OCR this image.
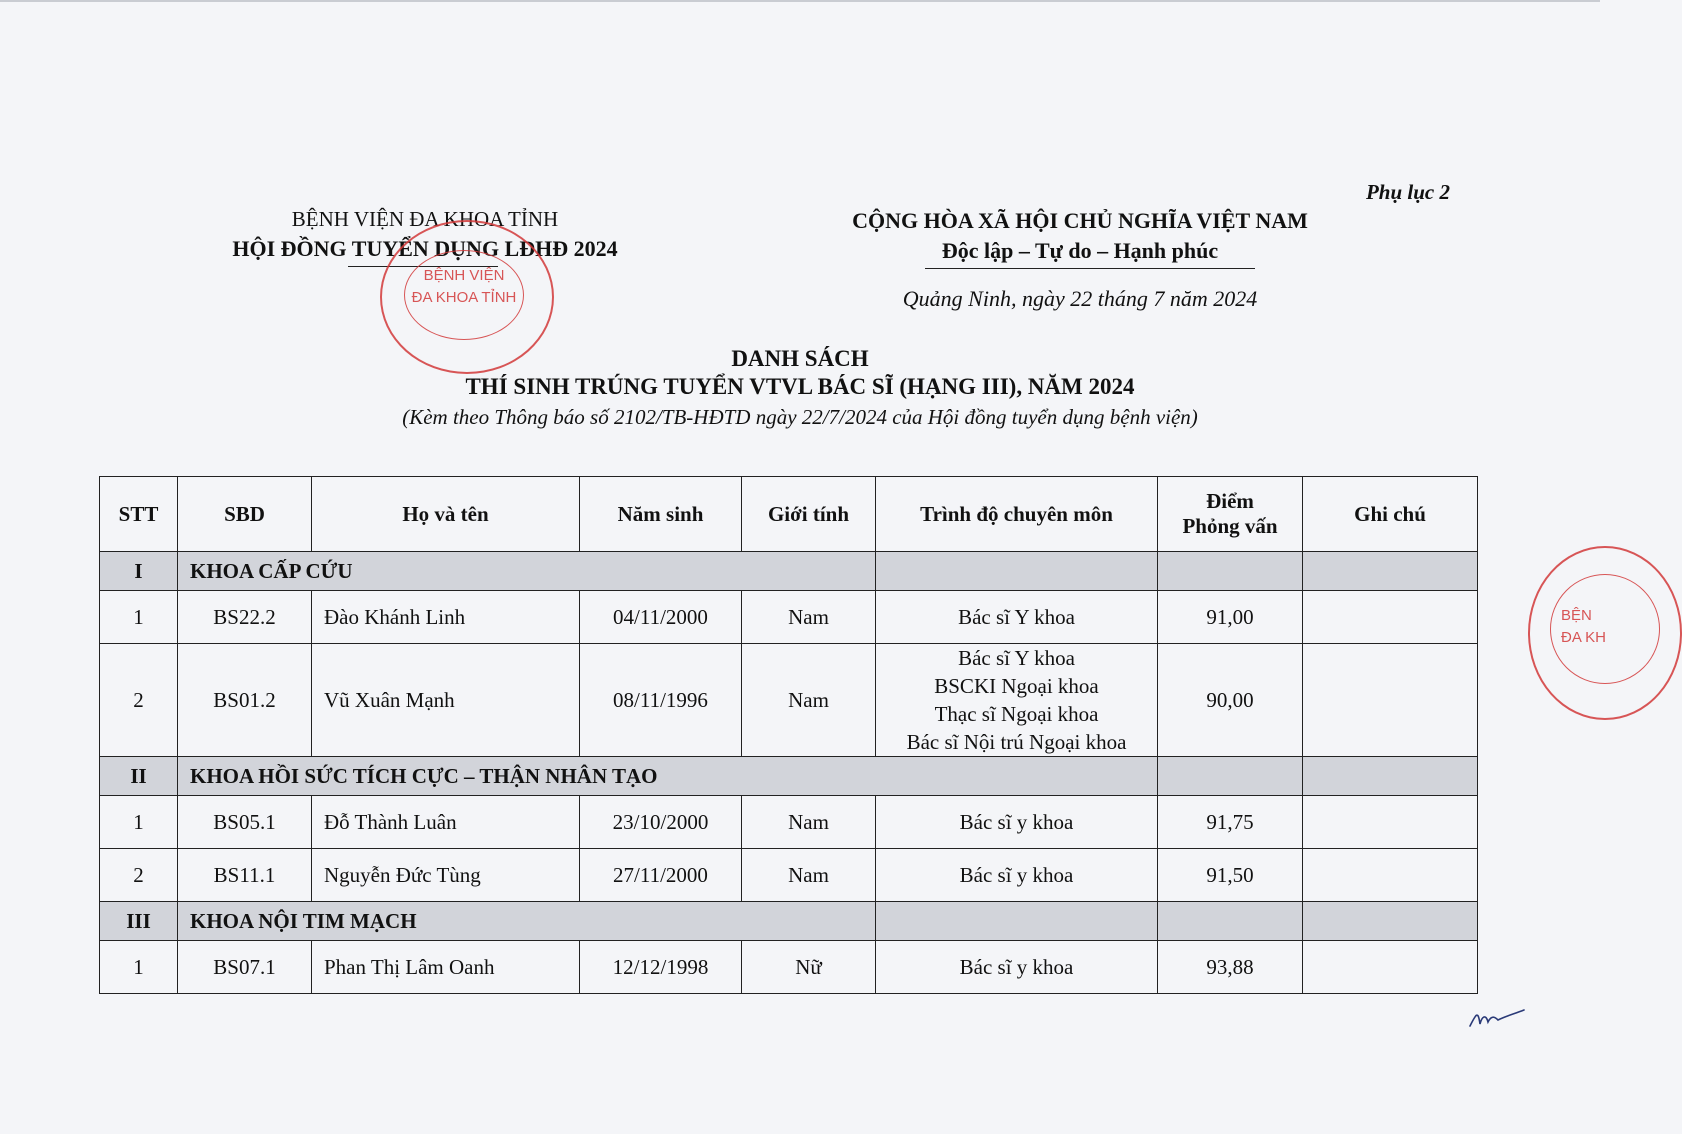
Phụ lục 2
BỆNH VIỆN ĐA KHOA TỈNH
HỘI ĐỒNG TUYỂN DỤNG LĐHĐ 2024
CỘNG HÒA XÃ HỘI CHỦ NGHĨA VIỆT NAM
Độc lập – Tự do – Hạnh phúc
Quảng Ninh, ngày 22 tháng 7 năm 2024
DANH SÁCH
THÍ SINH TRÚNG TUYỂN VTVL BÁC SĨ (HẠNG III), NĂM 2024
(Kèm theo Thông báo số 2102/TB-HĐTD ngày 22/7/2024 của Hội đồng tuyển dụng bệnh viện)
BỆNH VIỆN
ĐA KHOA TỈNH
STT	SBD	Họ và tên	Năm sinh	Giới tính	Trình độ chuyên môn	Điểm
Phỏng vấn	Ghi chú
I	KHOA CẤP CỨU						
1	BS22.2	Đào Khánh Linh	04/11/2000	Nam	Bác sĩ Y khoa	91,00	
2	BS01.2	Vũ Xuân Mạnh	08/11/1996	Nam	Bác sĩ Y khoa
BSCKI Ngoại khoa
Thạc sĩ Ngoại khoa
Bác sĩ Nội trú Ngoại khoa	90,00	
II	KHOA HỒI SỨC TÍCH CỰC – THẬN NHÂN TẠO						
1	BS05.1	Đỗ Thành Luân	23/10/2000	Nam	Bác sĩ y khoa	91,75	
2	BS11.1	Nguyễn Đức Tùng	27/11/2000	Nam	Bác sĩ y khoa	91,50	
III	KHOA NỘI TIM MẠCH						
1	BS07.1	Phan Thị Lâm Oanh	12/12/1998	Nữ	Bác sĩ y khoa	93,88	
BỆN
ĐA KH
